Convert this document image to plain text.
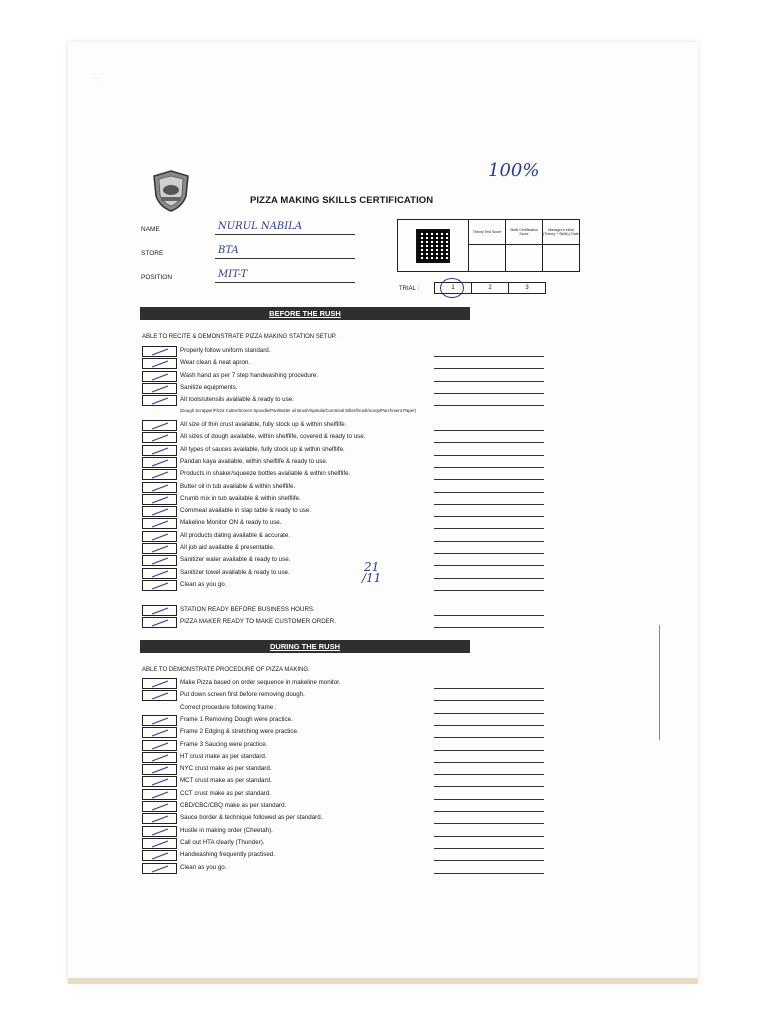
· ·
·
PIZZA MAKING SKILLS CERTIFICATION
100%
NAME	NURUL NABILA
STORE	BTA
POSITION	MIT-T
	Theory Test Score	Skills Certification Score	Manager's Initial (Theory + Skills) | Date

TRIAL :	1	2	3
BEFORE THE RUSH
ABLE TO RECITE & DEMONSTRATE PIZZA MAKING STATION SETUP.
Properly follow uniform standard.
Wear clean & neat apron.
Wash hand as per 7 step handwashing procedure.
Sanitize equipments.
All tools/utensils available & ready to use.
All size of thin crust available, fully stock up & within shelflife.
All sizes of dough available, within shelflife, covered & ready to use.
All types of sauces available, fully stock up & within shelflife.
Pandan kaya available, within shelflife & ready to use.
Products in shaker/squeeze bottles available & within shelflife.
Butter oil in tub available & within shelflife.
Crumb mix in tub available & within shelflife.
Cornmeal available in slap table & ready to use.
Makeline Monitor ON & ready to use.
All products dating available & accurate.
All job aid available & presentable.
Sanitizer water available & ready to use.
Sanitizer towel available & ready to use.
Clean as you go.
STATION READY BEFORE BUSINESS HOURS.
PIZZA MAKER READY TO MAKE CUSTOMER ORDER.
(Dough Scrapper/Pizza Cutter/Screen Spoodle/Pan/Butter oil Brush/Spatula/Cornmeal Sifter/brush/scoop/Parchment Paper)
21
/11
DURING THE RUSH
ABLE TO DEMONSTRATE PROCEDURE OF PIZZA MAKING.
Make Pizza based on order sequence in makeline monitor.
Put down screen first before removing dough.
Correct procedure following frame :
Frame 1 Removing Dough were practice.
Frame 2 Edging & stretching were practice.
Frame 3 Saucing were practice.
HT crust make as per standard.
NYC crust make as per standard.
MCT crust make as per standard.
CCT crust make as per standard.
CBD/CBC/CBQ make as per standard.
Sauce border & technique followed as per standard.
Hustle in making order (Cheetah).
Call out HTA clearly (Thunder).
Handwashing frequently practised.
Clean as you go.
